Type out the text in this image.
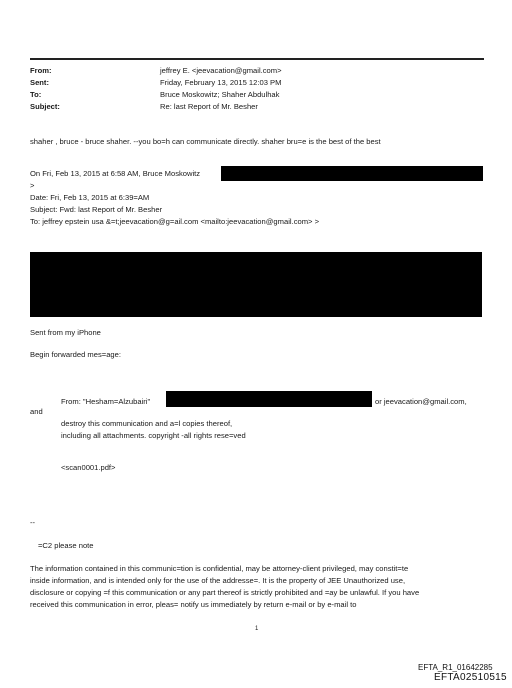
From:	jeffrey E. <jeevacation@gmail.com>
Sent:	Friday, February 13, 2015 12:03 PM
To:	Bruce Moskowitz; Shaher Abdulhak
Subject:	Re: last Report of Mr. Besher
shaher , bruce - bruce shaher. --you bo=h can communicate directly. shaher bru=e is the best of the best
On Fri, Feb 13, 2015 at 6:58 AM, Bruce Moskowitz
>
Date: Fri, Feb 13, 2015 at 6:39=AM
Subject: Fwd: last Report of Mr. Besher
To: jeffrey epstein usa &=t;jeevacation@g=ail.com <mailto:jeevacation@gmail.com> >
Sent from my iPhone
Begin forwarded mes=age:
From: "Hesham=Alzubairi"	or jeevacation@gmail.com,
and
destroy this communication and a=l copies thereof,
including all attachments. copyright -all rights rese=ved
<scan0001.pdf>
--
=C2 please note
The information contained in this communic=tion is confidential, may be attorney-client privileged, may constit=te
inside information, and is intended only for the use of the addresse=. It is the property of JEE Unauthorized use,
disclosure or copying =f this communication or any part thereof is strictly prohibited and =ay be unlawful. If you have
received this communication in error, pleas= notify us immediately by return e-mail or by e-mail to
1
EFTA_R1_01642285
EFTA02510515
